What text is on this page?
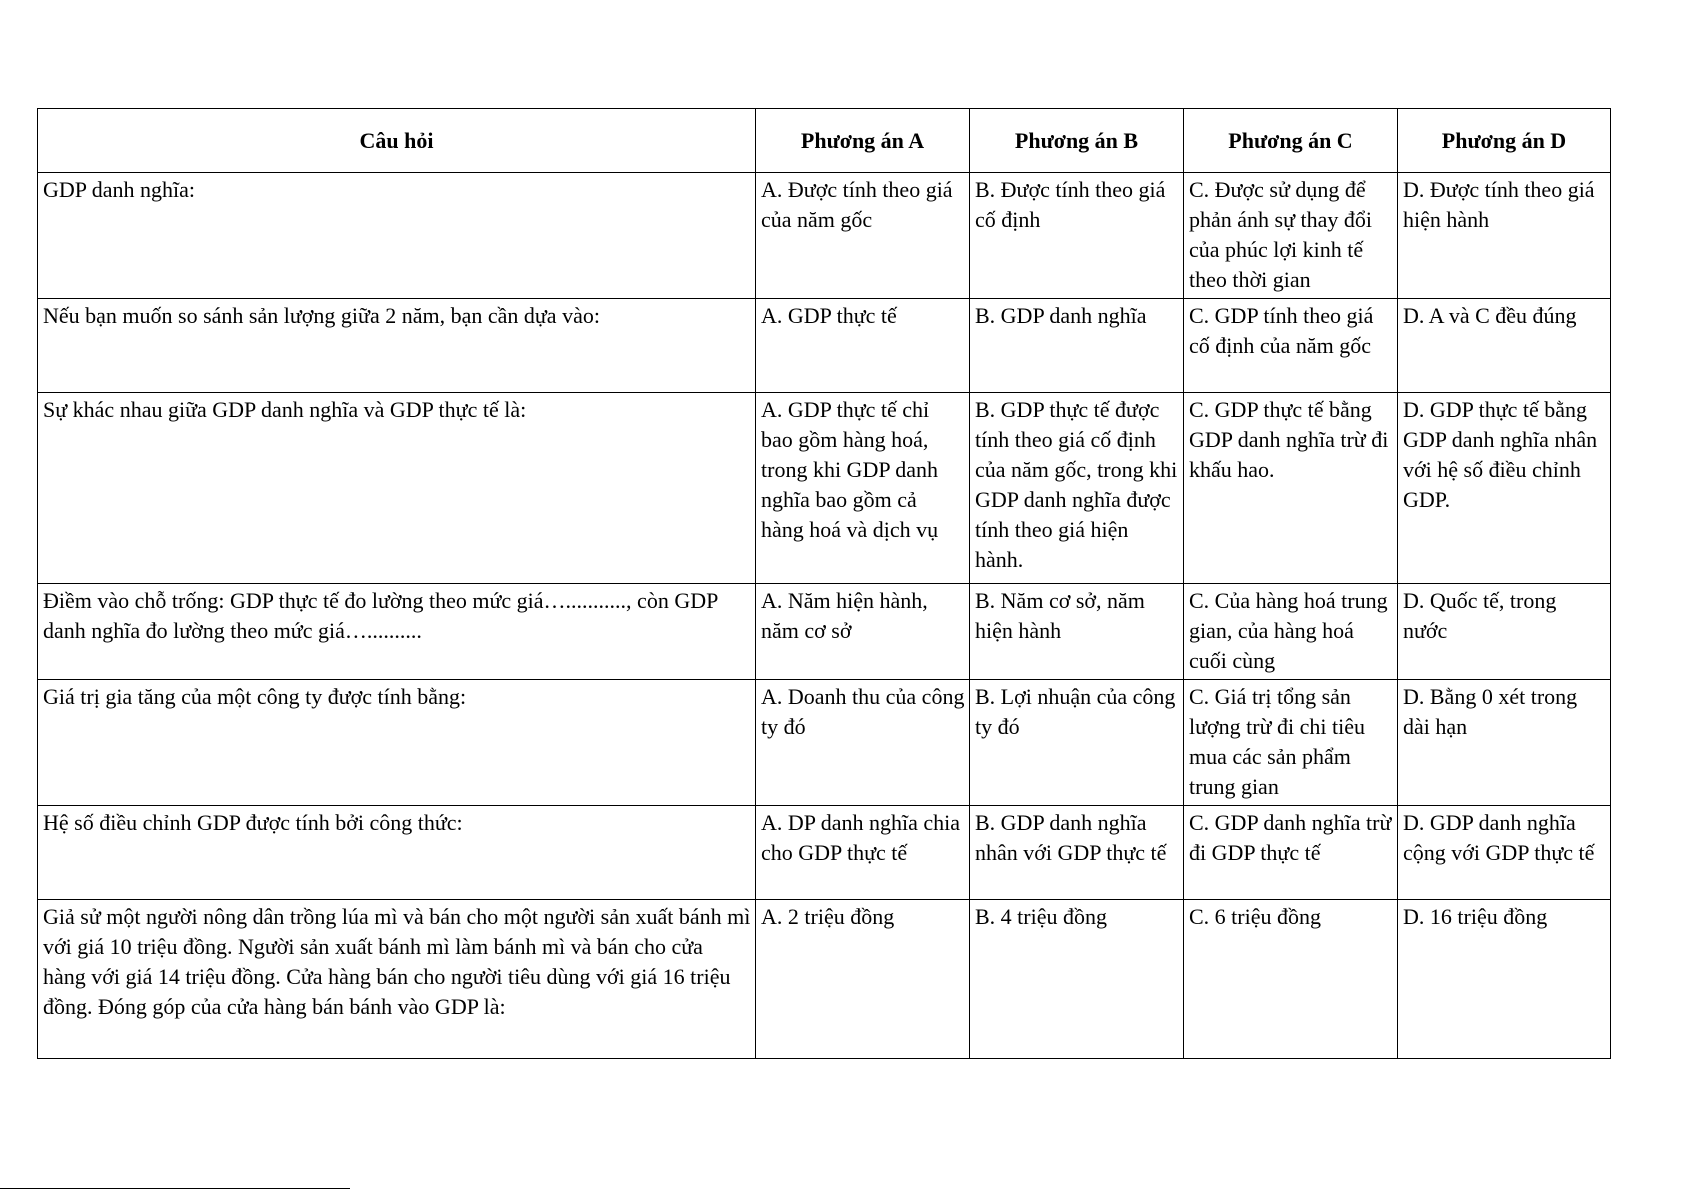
Câu hỏi	Phương án A	Phương án B	Phương án C	Phương án D
GDP danh nghĩa:	A. Được tính theo giá của năm gốc	B. Được tính theo giá cố định	C. Được sử dụng để phản ánh sự thay đổi của phúc lợi kinh tế theo thời gian	D. Được tính theo giá hiện hành
Nếu bạn muốn so sánh sản lượng giữa 2 năm, bạn cần dựa vào:	A. GDP thực tế	B. GDP danh nghĩa	C. GDP tính theo giá cố định của năm gốc	D. A và C đều đúng
Sự khác nhau giữa GDP danh nghĩa và GDP thực tế là:	A. GDP thực tế chỉ bao gồm hàng hoá, trong khi GDP danh nghĩa bao gồm cả hàng hoá và dịch vụ	B. GDP thực tế được tính theo giá cố định của năm gốc, trong khi GDP danh nghĩa được tính theo giá hiện hành.	C. GDP thực tế bằng GDP danh nghĩa trừ đi khấu hao.	D. GDP thực tế bằng GDP danh nghĩa nhân với hệ số điều chỉnh GDP.
Điềm vào chỗ trống: GDP thực tế đo lường theo mức giá…..........., còn GDP danh nghĩa đo lường theo mức giá…..........	A. Năm hiện hành, năm cơ sở	B. Năm cơ sở, năm hiện hành	C. Của hàng hoá trung gian, của hàng hoá cuối cùng	D. Quốc tế, trong nước
Giá trị gia tăng của một công ty được tính bằng:	A. Doanh thu của công ty đó	B. Lợi nhuận của công ty đó	C. Giá trị tổng sản lượng trừ đi chi tiêu mua các sản phẩm trung gian	D. Bằng 0 xét trong dài hạn
Hệ số điều chỉnh GDP được tính bởi công thức:	A. DP danh nghĩa chia cho GDP thực tế	B. GDP danh nghĩa nhân với GDP thực tế	C. GDP danh nghĩa trừ đi GDP thực tế	D. GDP danh nghĩa cộng với GDP thực tế
Giả sử một người nông dân trồng lúa mì và bán cho một người sản xuất bánh mì với giá 10 triệu đồng. Người sản xuất bánh mì làm bánh mì và bán cho cửa hàng với giá 14 triệu đồng. Cửa hàng bán cho người tiêu dùng với giá 16 triệu đồng. Đóng góp của cửa hàng bán bánh vào GDP là:	A. 2 triệu đồng	B. 4 triệu đồng	C. 6 triệu đồng	D. 16 triệu đồng
